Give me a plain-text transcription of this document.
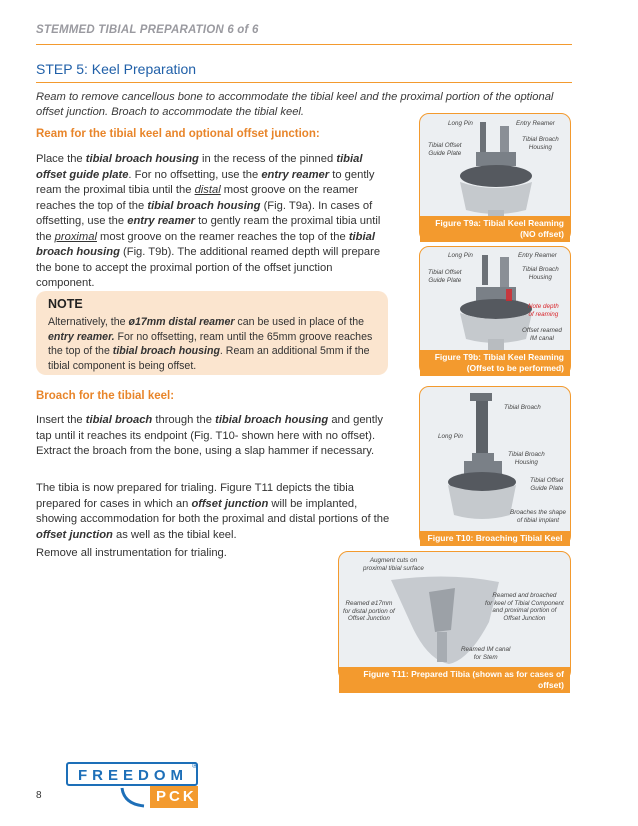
STEMMED TIBIAL PREPARATION 6 of 6
STEP 5: Keel Preparation
Ream to remove cancellous bone to accommodate the tibial keel and the proximal portion of the optional offset junction. Broach to accommodate the tibial keel.
Ream for the tibial keel and optional offset junction:
Place the tibial broach housing in the recess of the pinned tibial offset guide plate. For no offsetting, use the entry reamer to gently ream the proximal tibia until the distal most groove on the reamer reaches the top of the tibial broach housing (Fig. T9a). In cases of offsetting, use the entry reamer to gently ream the proximal tibia until the proximal most groove on the reamer reaches the top of the tibial broach housing (Fig. T9b). The additional reamed depth will prepare the bone to accept the proximal portion of the offset junction component.
NOTE
Alternatively, the ø17mm distal reamer can be used in place of the entry reamer. For no offsetting, ream until the 65mm groove reaches the top of the tibial broach housing. Ream an additional 5mm if the tibial component is being offset.
Broach for the tibial keel:
Insert the tibial broach through the tibial broach housing and gently tap until it reaches its endpoint (Fig. T10- shown here with no offset). Extract the broach from the bone, using a slap hammer if necessary.
The tibia is now prepared for trialing. Figure T11 depicts the tibia prepared for cases in which an offset junction will be implanted, showing accommodation for both the proximal and distal portions of the offset junction as well as the tibial keel.
Remove all instrumentation for trialing.
Long Pin	Entry Reamer
Tibial Broach
Housing
Tibial Offset
Guide Plate
Figure T9a: Tibial Keel Reaming
(NO offset)
Long Pin	Entry Reamer
Tibial Broach
Housing
Tibial Offset
Guide Plate
Note depth
of reaming
Offset reamed
IM canal
Figure T9b: Tibial Keel Reaming
(Offset to be performed)
Tibial Broach
Long Pin
Tibial Broach
Housing
Tibial Offset
Guide Plate
Broaches the shape
of tibial implant
Figure T10: Broaching Tibial Keel
Augment cuts on
proximal tibial surface
Reamed ø17mm
for distal portion of
Offset Junction
Reamed and broached
for keel of Tibial Component
and proximal portion of
Offset Junction
Reamed IM canal
for Stem
Figure T11: Prepared Tibia (shown as for cases of offset)
FREEDOM
®
PCK
8
